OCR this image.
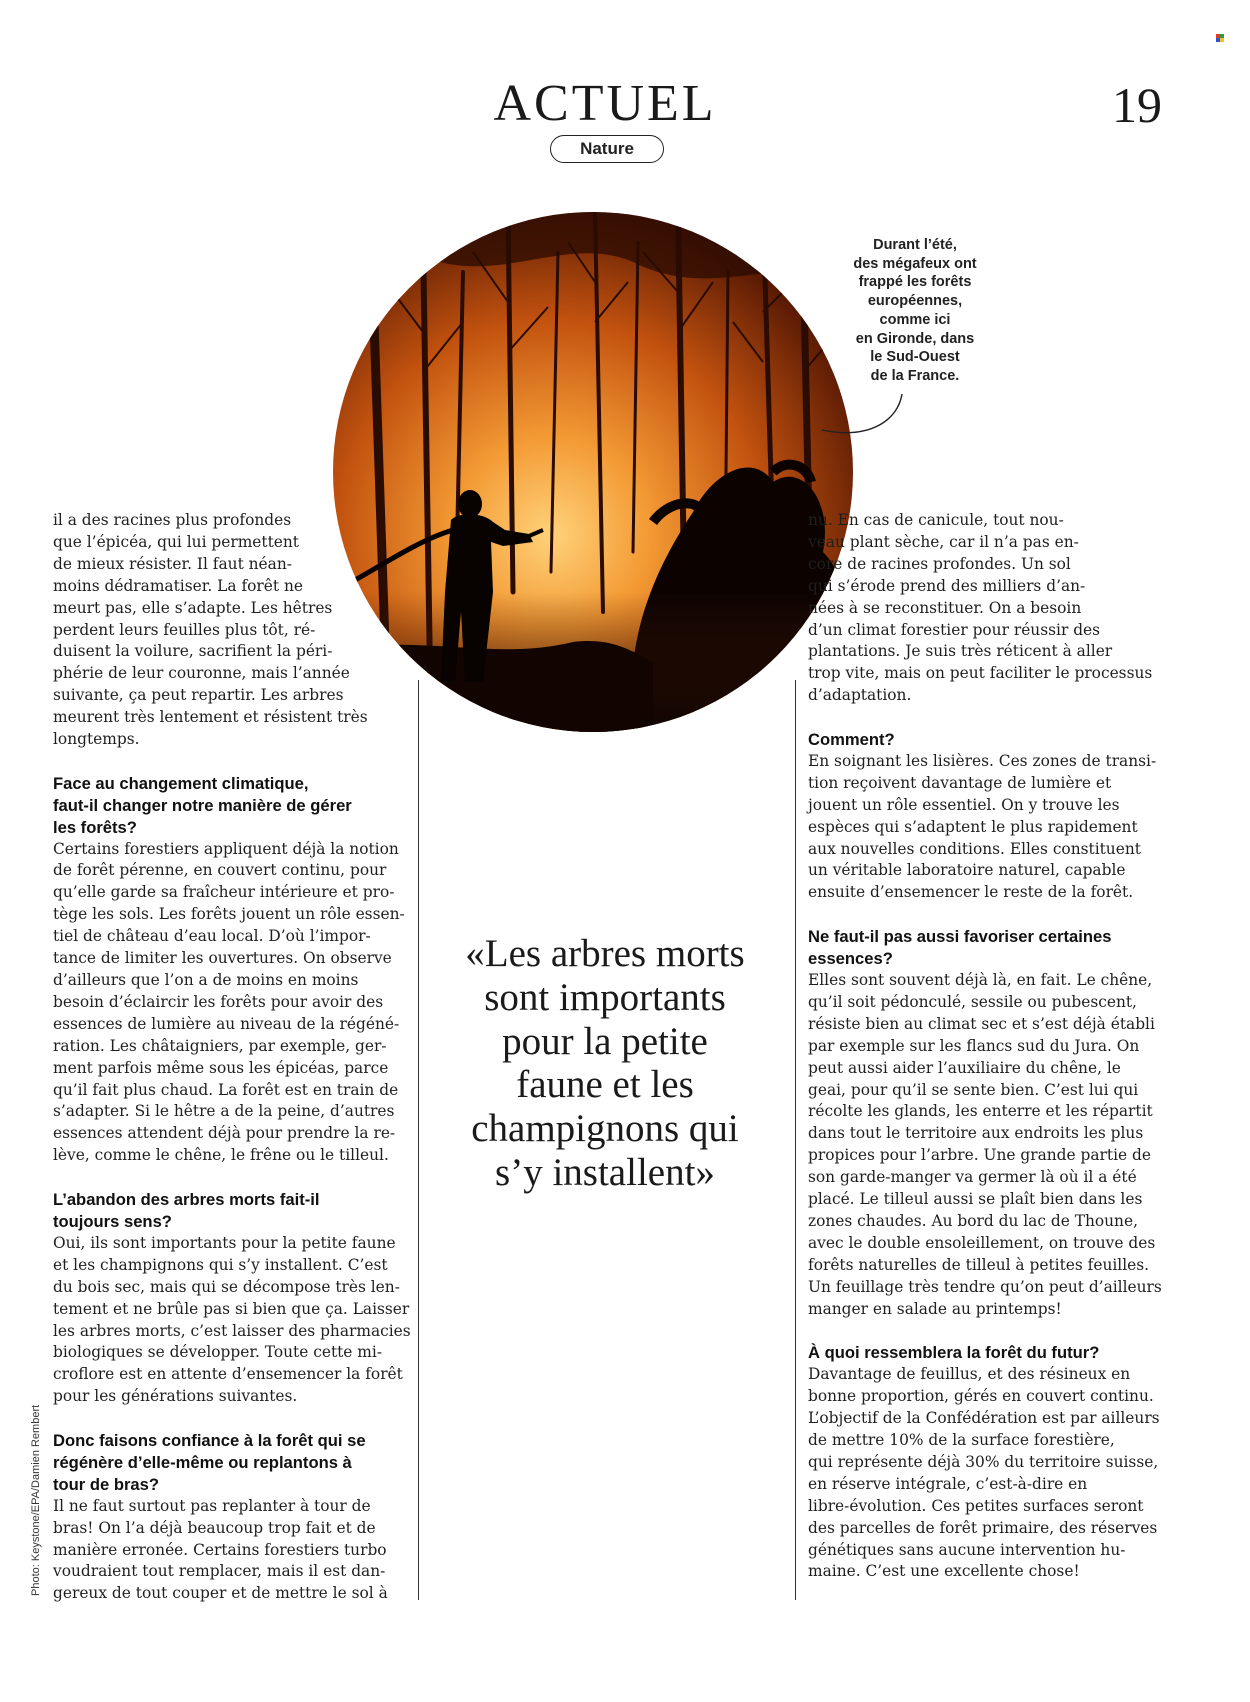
ACTUEL
Nature
19
Durant l’été,
des mégafeux ont
frappé les forêts
européennes,
comme ici
en Gironde, dans
le Sud-Ouest
de la France.

il a des racines plus profondes
que l’épicéa, qui lui permettent
de mieux résister. Il faut néan-
moins dédramatiser. La forêt ne
meurt pas, elle s’adapte. Les hêtres
perdent leurs feuilles plus tôt, ré-
duisent la voilure, sacrifient la péri-
phérie de leur couronne, mais l’année
suivante, ça peut repartir. Les arbres
meurent très lentement et résistent très
longtemps.

Face au changement climatique,
faut-il changer notre manière de gérer
les forêts?

Certains forestiers appliquent déjà la notion
de forêt pérenne, en couvert continu, pour
qu’elle garde sa fraîcheur intérieure et pro-
tège les sols. Les forêts jouent un rôle essen-
tiel de château d’eau local. D’où l’impor-
tance de limiter les ouvertures. On observe
d’ailleurs que l’on a de moins en moins
besoin d’éclaircir les forêts pour avoir des
essences de lumière au niveau de la régéné-
ration. Les châtaigniers, par exemple, ger-
ment parfois même sous les épicéas, parce
qu’il fait plus chaud. La forêt est en train de
s’adapter. Si le hêtre a de la peine, d’autres
essences attendent déjà pour prendre la re-
lève, comme le chêne, le frêne ou le tilleul.

L’abandon des arbres morts fait-il
toujours sens?

Oui, ils sont importants pour la petite faune
et les champignons qui s’y installent. C’est
du bois sec, mais qui se décompose très len-
tement et ne brûle pas si bien que ça. Laisser
les arbres morts, c’est laisser des pharmacies
biologiques se développer. Toute cette mi-
croflore est en attente d’ensemencer la forêt
pour les générations suivantes.

Donc faisons confiance à la forêt qui se
régénère d’elle-même ou replantons à
tour de bras?

Il ne faut surtout pas replanter à tour de
bras! On l’a déjà beaucoup trop fait et de
manière erronée. Certains forestiers turbo
voudraient tout remplacer, mais il est dan-
gereux de tout couper et de mettre le sol à

«Les arbres morts
sont importants
pour la petite
faune et les
champignons qui
s’y installent»

nu. En cas de canicule, tout nou-
veau plant sèche, car il n’a pas en-
core de racines profondes. Un sol
qui s’érode prend des milliers d’an-
nées à se reconstituer. On a besoin
d’un climat forestier pour réussir des
plantations. Je suis très réticent à aller
trop vite, mais on peut faciliter le processus
d’adaptation.

Comment?

En soignant les lisières. Ces zones de transi-
tion reçoivent davantage de lumière et
jouent un rôle essentiel. On y trouve les
espèces qui s’adaptent le plus rapidement
aux nouvelles conditions. Elles constituent
un véritable laboratoire naturel, capable
ensuite d’ensemencer le reste de la forêt.

Ne faut-il pas aussi favoriser certaines
essences?

Elles sont souvent déjà là, en fait. Le chêne,
qu’il soit pédonculé, sessile ou pubescent,
résiste bien au climat sec et s’est déjà établi
par exemple sur les flancs sud du Jura. On
peut aussi aider l’auxiliaire du chêne, le
geai, pour qu’il se sente bien. C’est lui qui
récolte les glands, les enterre et les répartit
dans tout le territoire aux endroits les plus
propices pour l’arbre. Une grande partie de
son garde-manger va germer là où il a été
placé. Le tilleul aussi se plaît bien dans les
zones chaudes. Au bord du lac de Thoune,
avec le double ensoleillement, on trouve des
forêts naturelles de tilleul à petites feuilles.
Un feuillage très tendre qu’on peut d’ailleurs
manger en salade au printemps!

À quoi ressemblera la forêt du futur?

Davantage de feuillus, et des résineux en
bonne proportion, gérés en couvert continu.
L’objectif de la Confédération est par ailleurs
de mettre 10% de la surface forestière,
qui représente déjà 30% du territoire suisse,
en réserve intégrale, c’est-à-dire en
libre-évolution. Ces petites surfaces seront
des parcelles de forêt primaire, des réserves
génétiques sans aucune intervention hu-
maine. C’est une excellente chose!

Photo: Keystone/EPA/Damien Rembert
